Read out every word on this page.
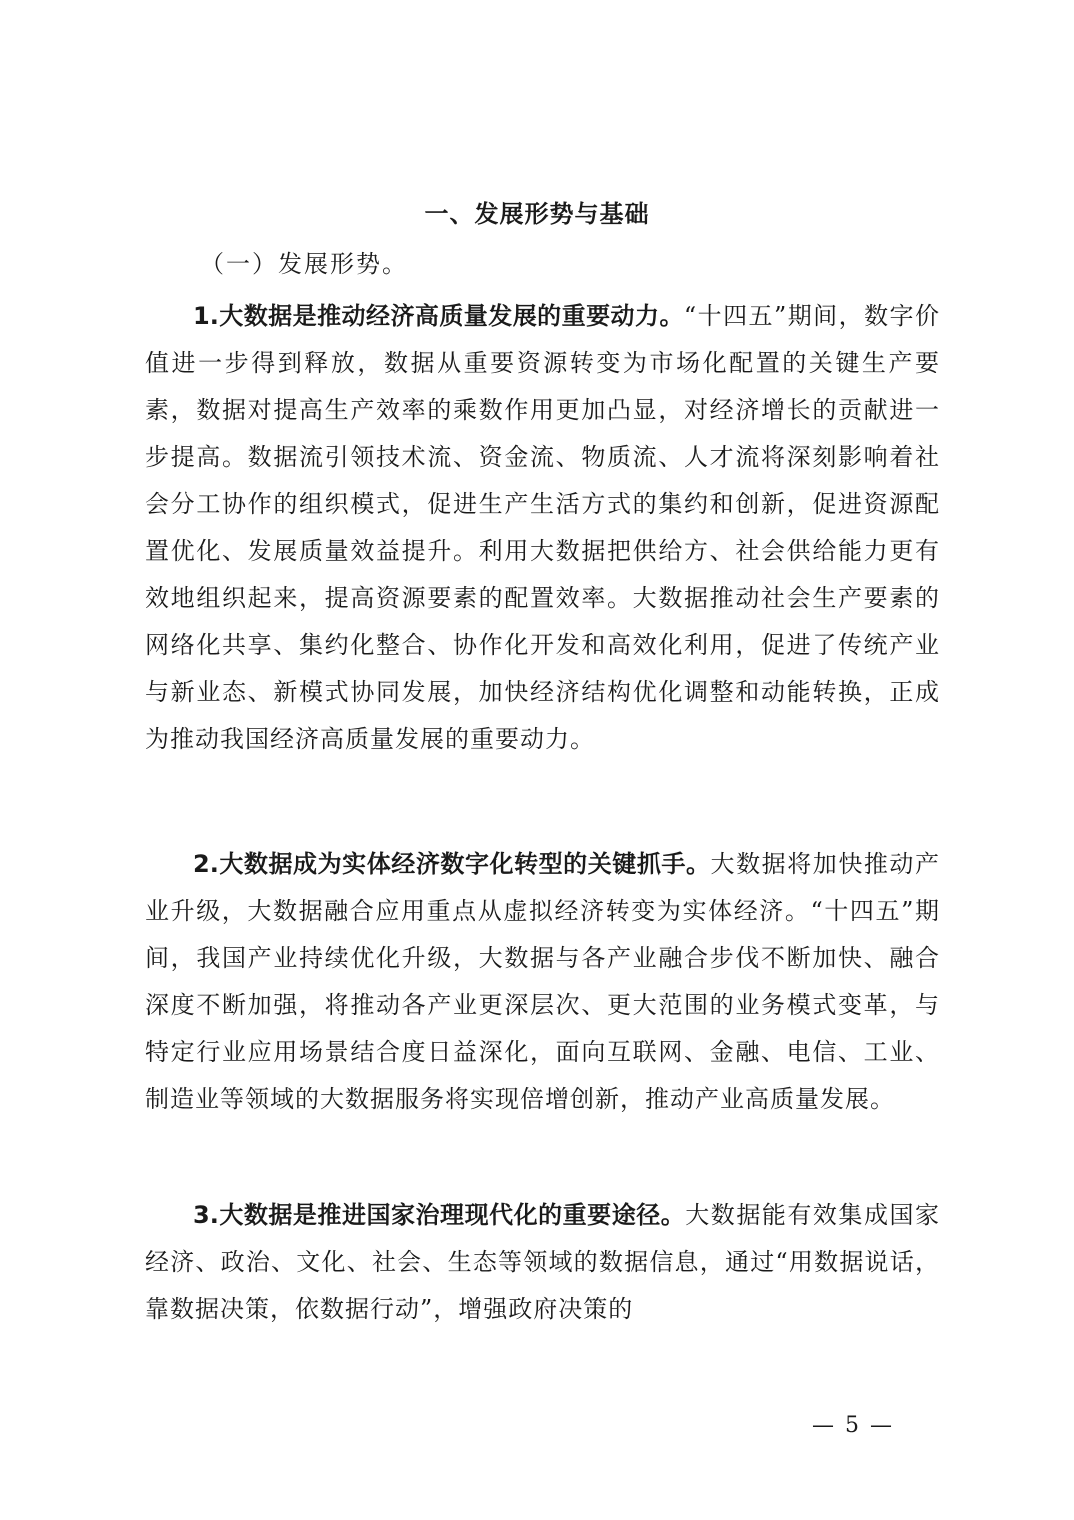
一、发展形势与基础
（一）发展形势。

1.大数据是推动经济高质量发展的重要动力。“十四五”期间，数字价值进一步得到释放，数据从重要资源转变为市场化配置的关键生产要素，数据对提高生产效率的乘数作用更加凸显，对经济增长的贡献进一步提高。数据流引领技术流、资金流、物质流、人才流将深刻影响着社会分工协作的组织模式，促进生产生活方式的集约和创新，促进资源配置优化、发展质量效益提升。利用大数据把供给方、社会供给能力更有效地组织起来，提高资源要素的配置效率。大数据推动社会生产要素的网络化共享、集约化整合、协作化开发和高效化利用，促进了传统产业与新业态、新模式协同发展，加快经济结构优化调整和动能转换，正成为推动我国经济高质量发展的重要动力。

2.大数据成为实体经济数字化转型的关键抓手。大数据将加快推动产业升级，大数据融合应用重点从虚拟经济转变为实体经济。“十四五”期间，我国产业持续优化升级，大数据与各产业融合步伐不断加快、融合深度不断加强，将推动各产业更深层次、更大范围的业务模式变革，与特定行业应用场景结合度日益深化，面向互联网、金融、电信、工业、制造业等领域的大数据服务将实现倍增创新，推动产业高质量发展。

3.大数据是推进国家治理现代化的重要途径。大数据能有效集成国家经济、政治、文化、社会、生态等领域的数据信息，通过“用数据说话，靠数据决策，依数据行动”，增强政府决策的

— 5 —
